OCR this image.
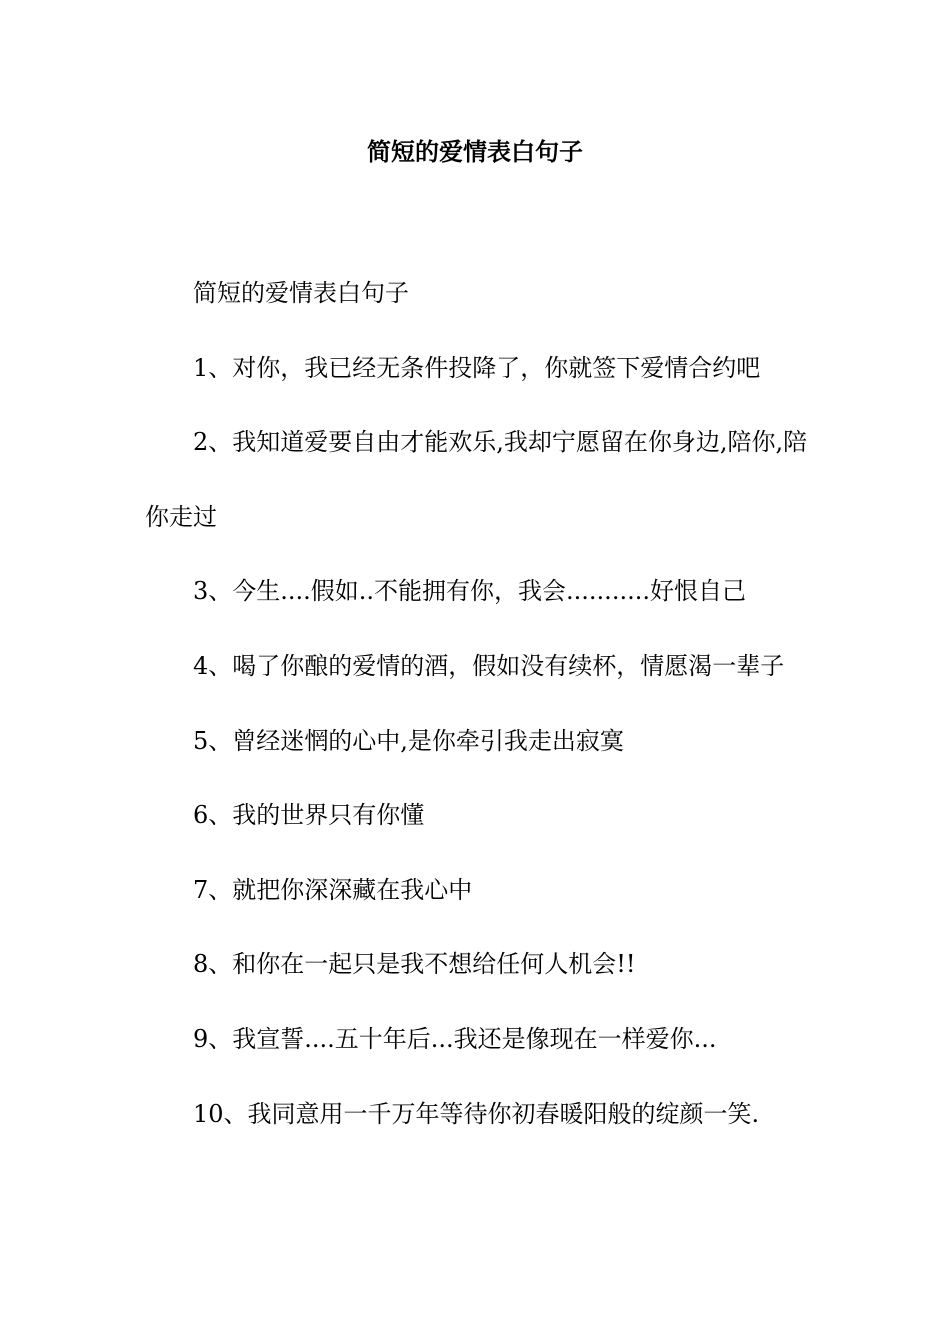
简短的爱情表白句子

简短的爱情表白句子

1、对你，我已经无条件投降了，你就签下爱情合约吧

2、我知道爱要自由才能欢乐,我却宁愿留在你身边,陪你,陪你走过

3、今生....假如..不能拥有你，我会...........好恨自己

4、喝了你酿的爱情的酒，假如没有续杯，情愿渴一辈子

5、曾经迷惘的心中,是你牵引我走出寂寞

6、我的世界只有你懂

7、就把你深深藏在我心中

8、和你在一起只是我不想给任何人机会!!

9、我宣誓....五十年后...我还是像现在一样爱你...

10、我同意用一千万年等待你初春暖阳般的绽颜一笑.
